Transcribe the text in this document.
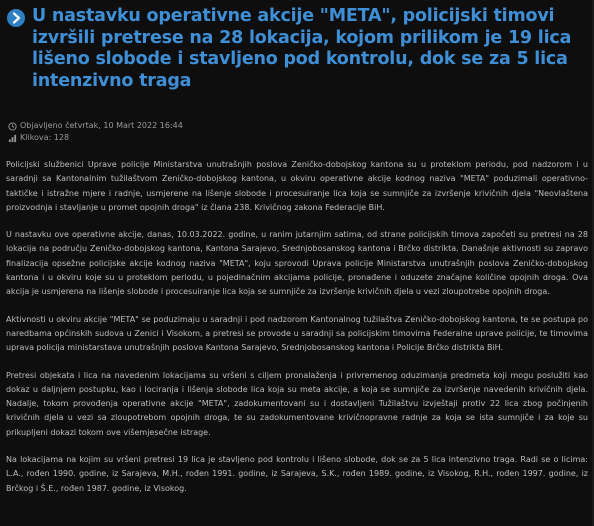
U nastavku operativne akcije "META", policijski timovi izvršili pretrese na 28 lokacija, kojom prilikom je 19 lica lišeno slobode i stavljeno pod kontrolu, dok se za 5 lica intenzivno traga
Objavljeno četvrtak, 10 Mart 2022 16:44
Klikova: 128

Policijski službenici Uprave policije Ministarstva unutrašnjih poslova Zeničko-dobojskog kantona su u proteklom periodu, pod nadzorom i u saradnji sa Kantonalnim tužilaštvom Zeničko-dobojskog kantona, u okviru operativne akcije kodnog naziva "META" poduzimali operativno-taktičke i istražne mjere i radnje, usmjerene na lišenje slobode i procesuiranje lica koja se sumnjiče za izvršenje krivičnih djela "Neovlaštena proizvodnja i stavljanje u promet opojnih droga" iz člana 238. Krivičnog zakona Federacije BiH.

U nastavku ove operativne akcije, danas, 10.03.2022. godine, u ranim jutarnjim satima, od strane policijskih timova započeti su pretresi na 28 lokacija na području Zeničko-dobojskog kantona, Kantona Sarajevo, Srednjobosanskog kantona i Brčko distrikta. Današnje aktivnosti su zapravo finalizacija opsežne policijske akcije kodnog naziva "META", koju sprovodi Uprava policije Ministarstva unutrašnjih poslova Zeničko-dobojskog kantona i u okviru koje su u proteklom periodu, u pojedinačnim akcijama policije, pronađene i oduzete značajne količine opojnih droga. Ova akcija je usmjerena na lišenje slobode i procesuiranje lica koja se sumnjiče za izvršenje krivičnih djela u vezi zloupotrebe opojnih droga.

Aktivnosti u okviru akcije "META" se poduzimaju u saradnji i pod nadzorom Kantonalnog tužilaštva Zeničko-dobojskog kantona, te se postupa po naredbama općinskih sudova u Zenici i Visokom, a pretresi se provode u saradnji sa policijskim timovima Federalne uprave policije, te timovima uprava policija ministarstava unutrašnjih poslova Kantona Sarajevo, Srednjobosanskog kantona i Policije Brčko distrikta BiH.

Pretresi objekata i lica na navedenim lokacijama su vršeni s ciljem pronalaženja i privremenog oduzimanja predmeta koji mogu poslužiti kao dokaz u daljnjem postupku, kao i lociranja i lišenja slobode lica koja su meta akcije, a koja se sumnjiče za izvršenje navedenih krivičnih djela. Nadalje, tokom provođenja operativne akcije "META", zadokumentovani su i dostavljeni Tužilaštvu izvještaji protiv 22 lica zbog počinjenih krivičnih djela u vezi sa zloupotrebom opojnih droga, te su zadokumentovane krivičnopravne radnje za koja se ista sumnjiče i za koje su prikupljeni dokazi tokom ove višemjesečne istrage.

Na lokacijama na kojim su vršeni pretresi 19 lica je stavljeno pod kontrolu i lišeno slobode, dok se za 5 lica intenzivno traga. Radi se o licima: L.A., rođen 1990. godine, iz Sarajeva, M.H., rođen 1991. godine, iz Sarajeva, S.K., rođen 1989. godine, iz Visokog, R.H., rođen 1997. godine, iz Brčkog i Š.E., rođen 1987. godine, iz Visokog.
